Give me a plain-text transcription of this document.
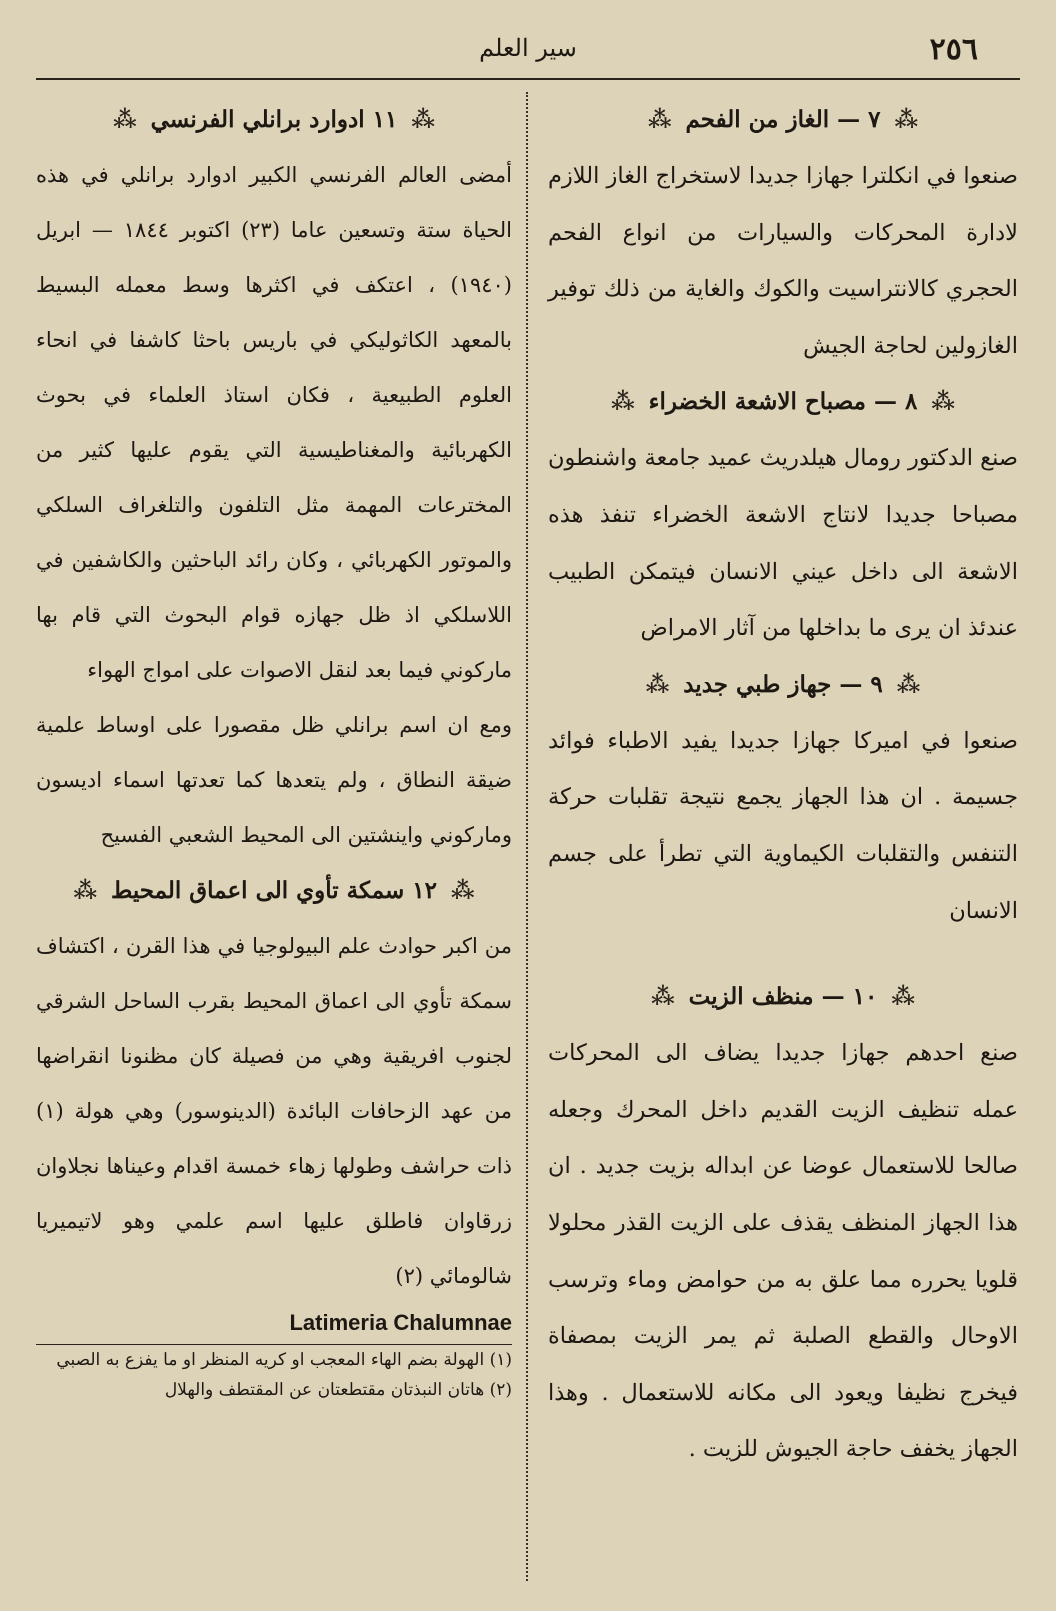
٢٥٦
سير العلم
⁂ ٧ — الغاز من الفحم ⁂
صنعوا في انكلترا جهازا جديدا لاستخراج الغاز اللازم لادارة المحركات والسيارات من انواع الفحم الحجري كالانتراسيت والكوك والغاية من ذلك توفير الغازولين لحاجة الجيش
⁂ ٨ — مصباح الاشعة الخضراء ⁂
صنع الدكتور رومال هيلدريث عميد جامعة واشنطون مصباحا جديدا لانتاج الاشعة الخضراء تنفذ هذه الاشعة الى داخل عيني الانسان فيتمكن الطبيب عندئذ ان يرى ما بداخلها من آثار الامراض
⁂ ٩ — جهاز طبي جديد ⁂
صنعوا في اميركا جهازا جديدا يفيد الاطباء فوائد جسيمة . ان هذا الجهاز يجمع نتيجة تقلبات حركة التنفس والتقلبات الكيماوية التي تطرأ على جسم الانسان
⁂ ١٠ — منظف الزيت ⁂
صنع احدهم جهازا جديدا يضاف الى المحركات عمله تنظيف الزيت القديم داخل المحرك وجعله صالحا للاستعمال عوضا عن ابداله بزيت جديد . ان هذا الجهاز المنظف يقذف على الزيت القذر محلولا قلويا يحرره مما علق به من حوامض وماء وترسب الاوحال والقطع الصلبة ثم يمر الزيت بمصفاة فيخرج نظيفا ويعود الى مكانه للاستعمال . وهذا الجهاز يخفف حاجة الجيوش للزيت .
⁂ ١١ ادوارد برانلي الفرنسي ⁂
أمضى العالم الفرنسي الكبير ادوارد برانلي في هذه الحياة ستة وتسعين عاما (٢٣) اكتوبر ١٨٤٤ — ابريل (١٩٤٠) ، اعتكف في اكثرها وسط معمله البسيط بالمعهد الكاثوليكي في باريس باحثا كاشفا في انحاء العلوم الطبيعية ، فكان استاذ العلماء في بحوث الكهربائية والمغناطيسية التي يقوم عليها كثير من المخترعات المهمة مثل التلفون والتلغراف السلكي والموتور الكهربائي ، وكان رائد الباحثين والكاشفين في اللاسلكي اذ ظل جهازه قوام البحوث التي قام بها ماركوني فيما بعد لنقل الاصوات على امواج الهواء
ومع ان اسم برانلي ظل مقصورا على اوساط علمية ضيقة النطاق ، ولم يتعدها كما تعدتها اسماء اديسون وماركوني واينشتين الى المحيط الشعبي الفسيح
⁂ ١٢ سمكة تأوي الى اعماق المحيط ⁂
من اكبر حوادث علم البيولوجيا في هذا القرن ، اكتشاف سمكة تأوي الى اعماق المحيط بقرب الساحل الشرقي لجنوب افريقية وهي من فصيلة كان مظنونا انقراضها من عهد الزحافات البائدة (الدينوسور) وهي هولة (١) ذات حراشف وطولها زهاء خمسة اقدام وعيناها نجلاوان زرقاوان فاطلق عليها اسم علمي وهو لاتيميريا شالومائي (٢)
Latimeria Chalumnae
(١) الهولة بضم الهاء المعجب او كريه المنظر او ما يفزع به الصبي
(٢) هاتان النبذتان مقتطعتان عن المقتطف والهلال
